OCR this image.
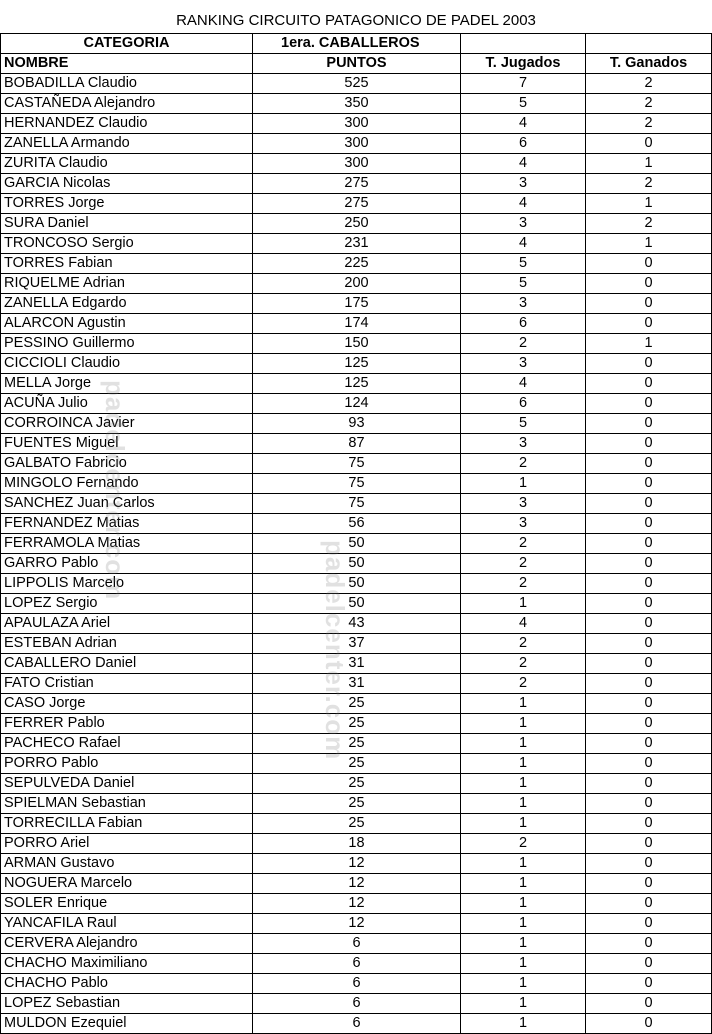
RANKING CIRCUITO PATAGONICO DE PADEL 2003
CATEGORIA	1era. CABALLEROS		
NOMBRE	PUNTOS	T. Jugados	T. Ganados
BOBADILLA Claudio	525	7	2
CASTAÑEDA Alejandro	350	5	2
HERNANDEZ Claudio	300	4	2
ZANELLA Armando	300	6	0
ZURITA Claudio	300	4	1
GARCIA Nicolas	275	3	2
TORRES Jorge	275	4	1
SURA Daniel	250	3	2
TRONCOSO Sergio	231	4	1
TORRES Fabian	225	5	0
RIQUELME Adrian	200	5	0
ZANELLA Edgardo	175	3	0
ALARCON Agustin	174	6	0
PESSINO Guillermo	150	2	1
CICCIOLI Claudio	125	3	0
MELLA Jorge	125	4	0
ACUÑA Julio	124	6	0
CORROINCA Javier	93	5	0
FUENTES Miguel	87	3	0
GALBATO Fabricio	75	2	0
MINGOLO Fernando	75	1	0
SANCHEZ Juan Carlos	75	3	0
FERNANDEZ Matias	56	3	0
FERRAMOLA Matias	50	2	0
GARRO Pablo	50	2	0
LIPPOLIS Marcelo	50	2	0
LOPEZ Sergio	50	1	0
APAULAZA Ariel	43	4	0
ESTEBAN Adrian	37	2	0
CABALLERO Daniel	31	2	0
FATO Cristian	31	2	0
CASO Jorge	25	1	0
FERRER Pablo	25	1	0
PACHECO Rafael	25	1	0
PORRO Pablo	25	1	0
SEPULVEDA Daniel	25	1	0
SPIELMAN Sebastian	25	1	0
TORRECILLA Fabian	25	1	0
PORRO Ariel	18	2	0
ARMAN Gustavo	12	1	0
NOGUERA Marcelo	12	1	0
SOLER Enrique	12	1	0
YANCAFILA Raul	12	1	0
CERVERA Alejandro	6	1	0
CHACHO Maximiliano	6	1	0
CHACHO Pablo	6	1	0
LOPEZ Sebastian	6	1	0
MULDON Ezequiel	6	1	0
padelcenter.com
padelcenter.com
